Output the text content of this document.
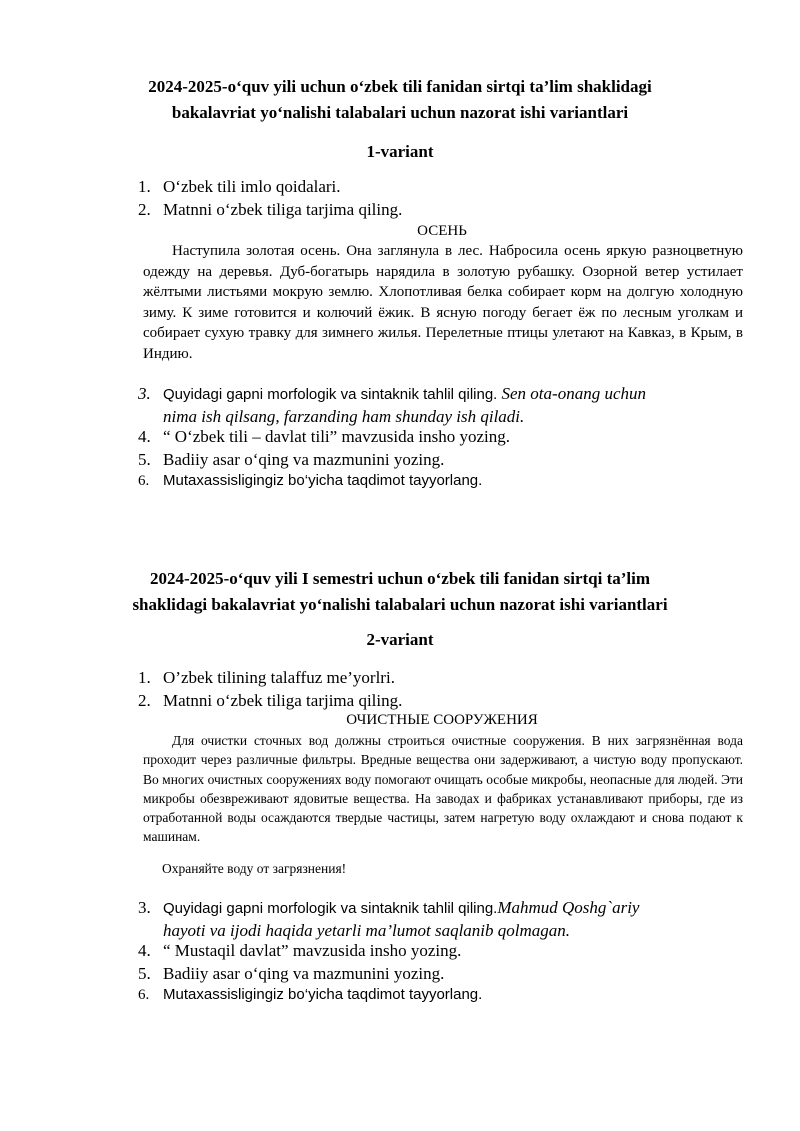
2024-2025-o‘quv yili uchun o‘zbek tili fanidan sirtqi ta’lim shaklidagi
bakalavriat yo‘nalishi talabalari uchun nazorat ishi variantlari
1-variant
1. O‘zbek tili imlo qoidalari.
2. Matnni o‘zbek tiligа tаrjimа qiling.
ОСЕНЬ

Наступила золотая осень. Она заглянула в лес. Набросила осень яркую разноцветную одежду на деревья. Дуб-богатырь нарядила в золотую рубашку. Озорной ветер устилает жёлтыми листьями мокрую землю. Хлопотливая белка собирает корм на долгую холодную зиму. К зиме готовится и колючий ёжик. В ясную погоду бегает ёж по лесным уголкам и собирает сухую травку для зимнего жилья. Перелетные птицы улетают на Кавказ, в Крым, в Индию.

3. Quyidagi gapni morfologik va sintaknik tahlil qiling. Sen ota-onang uchun
nima ish qilsang, farzanding ham shunday ish qiladi.
4. “ O‘zbek tili – davlat tili” mavzusida insho yozing.
5. Badiiy asar o‘qing va mazmunini yozing.
6. Mutaxassisligingiz bo‘yicha taqdimot tayyorlang.
2024-2025-o‘quv yili I semestri uchun o‘zbek tili fanidan sirtqi ta’lim
shaklidagi bakalavriat yo‘nalishi talabalari uchun nazorat ishi variantlari
2-variant
1. O’zbek tilining talaffuz me’yorlri.
2. Matnni o‘zbek tiligа tаrjimа qiling.
ОЧИСТНЫЕ СООРУЖЕНИЯ

Для очистки сточных вод должны строиться очистные сооружения. В них загрязнённая вода проходит через различные фильтры. Вредные вещества они задерживают, а чистую воду пропускают. Во многих очистных сооружениях воду помогают очищать особые микробы, неопасные для людей. Эти микробы обезвреживают ядовитые вещества. На заводах и фабриках устанавливают приборы, где из отработанной воды осаждаются твердые частицы, затем нагретую воду охлаждают и снова подают к машинам.

Охраняйте воду от загрязнения!
3. Quyidagi gapni morfologik va sintaknik tahlil qiling.Mahmud Qoshg`ariy
hayoti va ijodi haqida yetarli ma’lumot saqlanib qolmagan.
4. “ Mustaqil davlat” mavzusida insho yozing.
5. Badiiy asar o‘qing va mazmunini yozing.
6. Mutaxassisligingiz bo‘yicha taqdimot tayyorlang.
